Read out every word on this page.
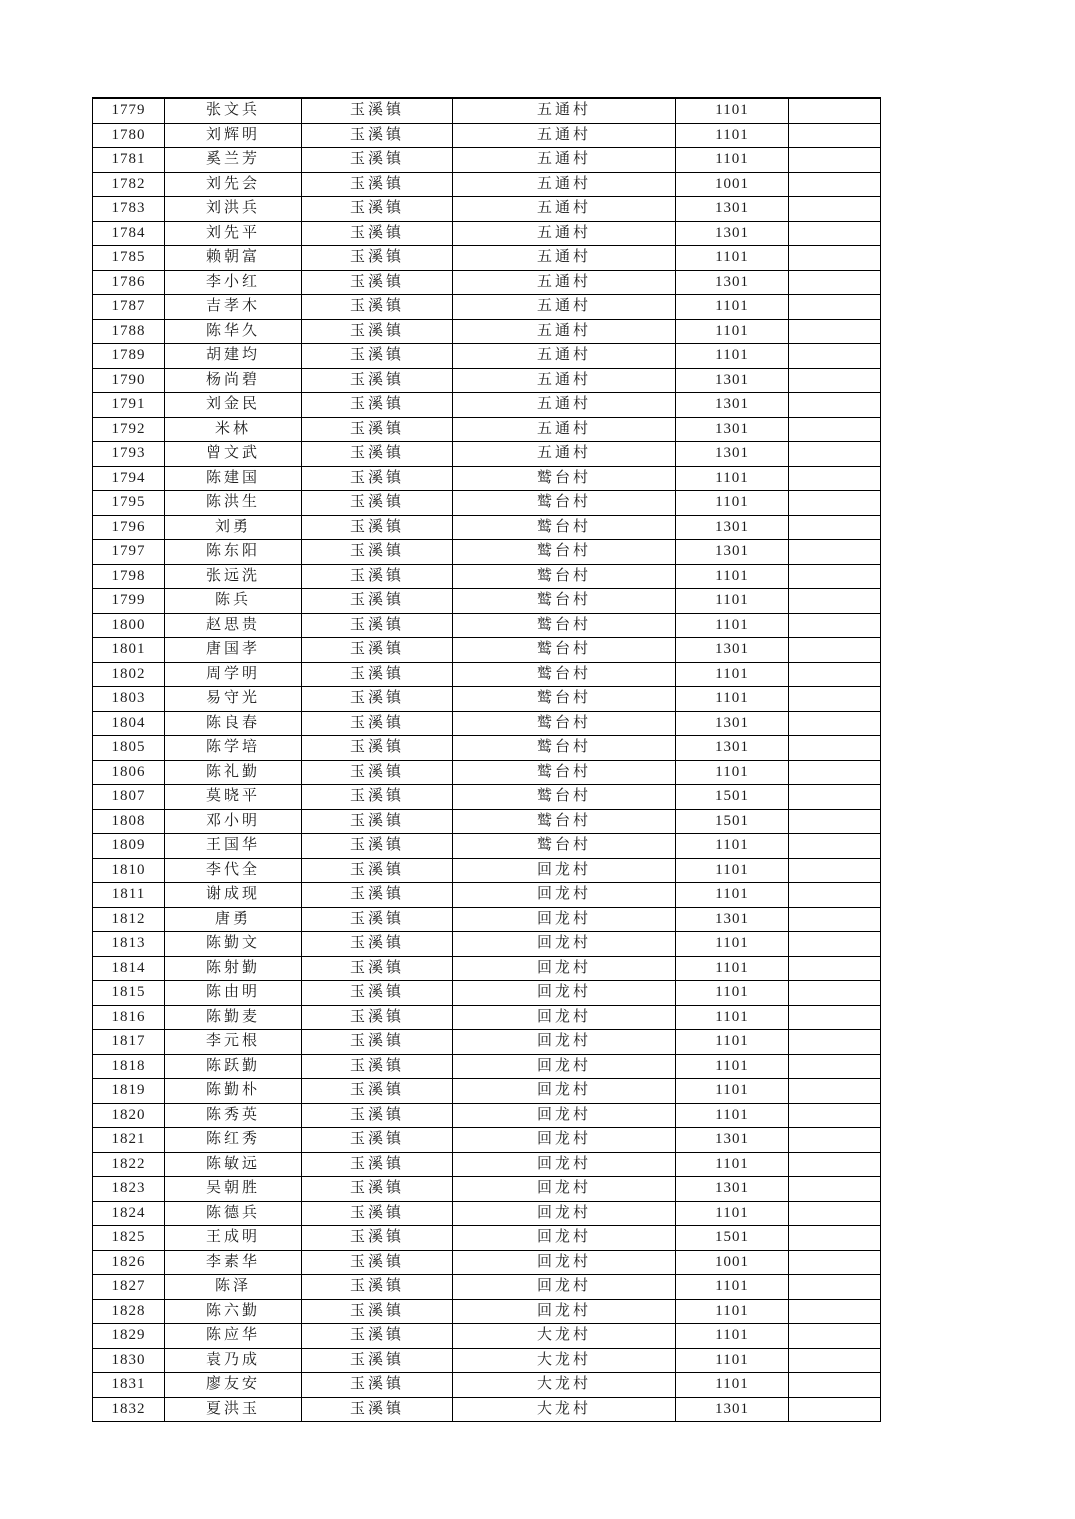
1779	张文兵	玉溪镇	五通村	1101	
1780	刘辉明	玉溪镇	五通村	1101	
1781	奚兰芳	玉溪镇	五通村	1101	
1782	刘先会	玉溪镇	五通村	1001	
1783	刘洪兵	玉溪镇	五通村	1301	
1784	刘先平	玉溪镇	五通村	1301	
1785	赖朝富	玉溪镇	五通村	1101	
1786	李小红	玉溪镇	五通村	1301	
1787	吉孝木	玉溪镇	五通村	1101	
1788	陈华久	玉溪镇	五通村	1101	
1789	胡建均	玉溪镇	五通村	1101	
1790	杨尚碧	玉溪镇	五通村	1301	
1791	刘金民	玉溪镇	五通村	1301	
1792	米林	玉溪镇	五通村	1301	
1793	曾文武	玉溪镇	五通村	1301	
1794	陈建国	玉溪镇	鹫台村	1101	
1795	陈洪生	玉溪镇	鹫台村	1101	
1796	刘勇	玉溪镇	鹫台村	1301	
1797	陈东阳	玉溪镇	鹫台村	1301	
1798	张远洗	玉溪镇	鹫台村	1101	
1799	陈兵	玉溪镇	鹫台村	1101	
1800	赵思贵	玉溪镇	鹫台村	1101	
1801	唐国孝	玉溪镇	鹫台村	1301	
1802	周学明	玉溪镇	鹫台村	1101	
1803	易守光	玉溪镇	鹫台村	1101	
1804	陈良春	玉溪镇	鹫台村	1301	
1805	陈学培	玉溪镇	鹫台村	1301	
1806	陈礼勤	玉溪镇	鹫台村	1101	
1807	莫晓平	玉溪镇	鹫台村	1501	
1808	邓小明	玉溪镇	鹫台村	1501	
1809	王国华	玉溪镇	鹫台村	1101	
1810	李代全	玉溪镇	回龙村	1101	
1811	谢成现	玉溪镇	回龙村	1101	
1812	唐勇	玉溪镇	回龙村	1301	
1813	陈勤文	玉溪镇	回龙村	1101	
1814	陈射勤	玉溪镇	回龙村	1101	
1815	陈由明	玉溪镇	回龙村	1101	
1816	陈勤麦	玉溪镇	回龙村	1101	
1817	李元根	玉溪镇	回龙村	1101	
1818	陈跃勤	玉溪镇	回龙村	1101	
1819	陈勤朴	玉溪镇	回龙村	1101	
1820	陈秀英	玉溪镇	回龙村	1101	
1821	陈红秀	玉溪镇	回龙村	1301	
1822	陈敏远	玉溪镇	回龙村	1101	
1823	吴朝胜	玉溪镇	回龙村	1301	
1824	陈德兵	玉溪镇	回龙村	1101	
1825	王成明	玉溪镇	回龙村	1501	
1826	李素华	玉溪镇	回龙村	1001	
1827	陈泽	玉溪镇	回龙村	1101	
1828	陈六勤	玉溪镇	回龙村	1101	
1829	陈应华	玉溪镇	大龙村	1101	
1830	袁乃成	玉溪镇	大龙村	1101	
1831	廖友安	玉溪镇	大龙村	1101	
1832	夏洪玉	玉溪镇	大龙村	1301	
